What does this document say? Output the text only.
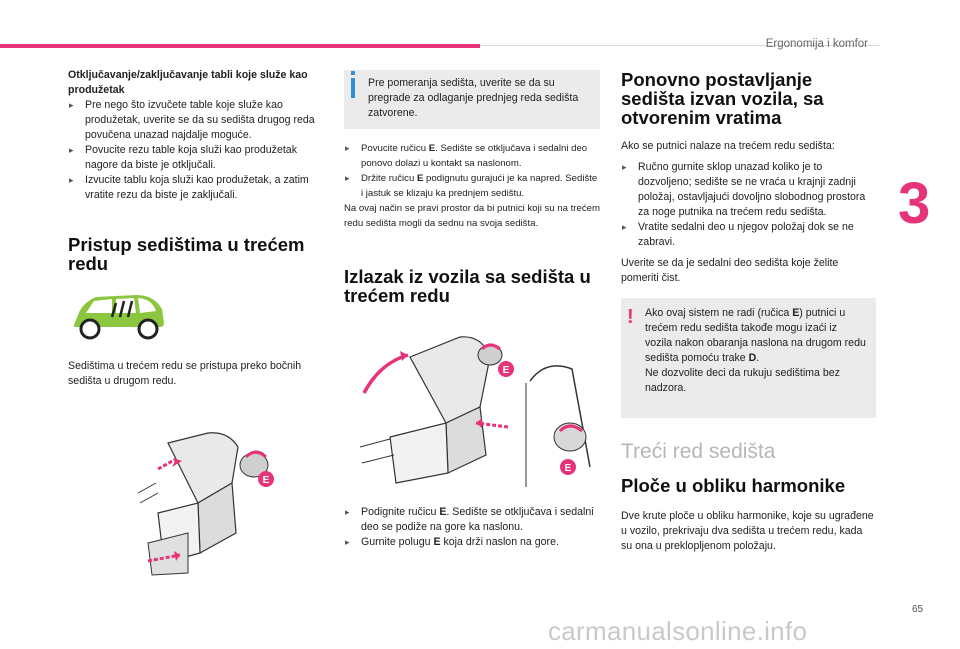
Ergonomija i komfor
3
65
carmanualsonline.info

Otključavanje/zaključavanje tabli koje služe kao produžetak

▸ Pre nego što izvučete table koje služe kao produžetak, uverite se da su sedišta drugog reda povučena unazad najdalje moguće.
▸ Povucite rezu table koja služi kao produžetak nagore da biste je otključali.
▸ Izvucite tablu koja služi kao produžetak, a zatim vratite rezu da biste je zaključali.
Pristup sedištima u trećem redu

Sedištima u trećem redu se pristupa preko bočnih sedišta u drugom redu.

E

Pre pomeranja sedišta, uverite se da su pregrade za odlaganje prednjeg reda sedišta zatvorene.

▸ Povucite ručicu E. Sedište se otključava i sedalni deo ponovo dolazi u kontakt sa naslonom.
▸ Držite ručicu E podignutu gurajući je ka napred. Sedište i jastuk se klizaju ka prednjem sedištu.

Na ovaj način se pravi prostor da bi putnici koji su na trećem redu sedišta mogli da sednu na svoja sedišta.

Izlazak iz vozila sa sedišta u trećem redu
E
E
▸ Podignite ručicu E. Sedište se otključava i sedalni deo se podiže na gore ka naslonu.
▸ Gurnite polugu E koja drži naslon na gore.
Ponovno postavljanje sedišta izvan vozila, sa otvorenim vratima

Ako se putnici nalaze na trećem redu sedišta:

▸ Ručno gurnite sklop unazad koliko je to dozvoljeno; sedište se ne vraća u krajnji zadnji položaj, ostavljajući dovoljno slobodnog prostora za noge putnika na trećem redu sedišta.
▸ Vratite sedalni deo u njegov položaj dok se ne zabravi.

Uverite se da je sedalni deo sedišta koje želite pomeriti čist.

! Ako ovaj sistem ne radi (ručica E) putnici u trećem redu sedišta takođe mogu izaći iz vozila nakon obaranja naslona na drugom redu sedišta pomoću trake D.

Ne dozvolite deci da rukuju sedištima bez nadzora.

Treći red sedišta
Ploče u obliku harmonike

Dve krute ploče u obliku harmonike, koje su ugrađene u vozilo, prekrivaju dva sedišta u trećem redu, kada su ona u preklopljenom položaju.
